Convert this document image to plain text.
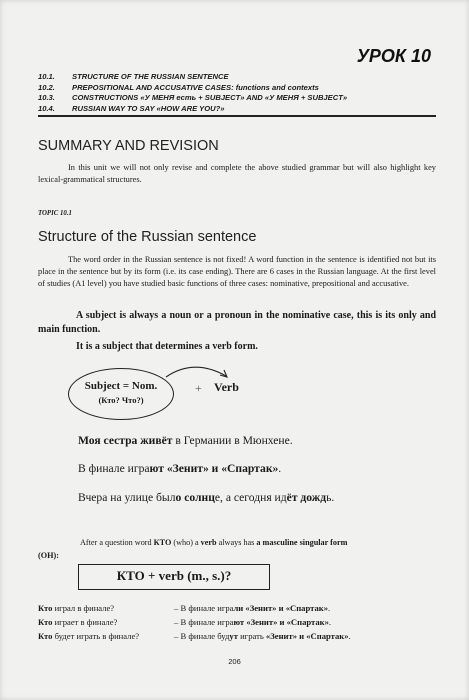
УРОК 10
10.1.	STRUCTURE OF THE RUSSIAN SENTENCE
10.2.	PREPOSITIONAL AND ACCUSATIVE CASES: functions and contexts
10.3.	CONSTRUCTIONS «У МЕНЯ есть + SUBJECT» AND «У МЕНЯ + SUBJECT»
10.4.	RUSSIAN WAY TO SAY «HOW ARE YOU?»
SUMMARY AND REVISION
In this unit we will not only revise and complete the above studied grammar but will also highlight key lexical-grammatical structures.
TOPIC 10.1
Structure of the Russian sentence
The word order in the Russian sentence is not fixed! A word function in the sentence is identified not but its place in the sentence but by its form (i.e. its case ending). There are 6 cases in the Russian language. At the first level of studies (A1 level) you have studied basic functions of three cases: nominative, prepositional and accusative.
A subject is always a noun or a pronoun in the nominative case, this is its only and main function.
It is a subject that determines a verb form.
Subject = Nom.
(Кто? Что?)
+ Verb
Моя сестра живёт в Германии в Мюнхене.
В финале играют «Зенит» и «Спартак».
Вчера на улице было солнце, а сегодня идёт дождь.
After a question word КТО (who) a verb always has a masculine singular form
(ОН):
КТО + verb (m., s.)?
Кто играл в финале?	– В финале играли «Зенит» и «Спартак».
Кто играет в финале?	– В финале играют «Зенит» и «Спартак».
Кто будет играть в финале?	– В финале будут играть «Зенит» и «Спартак».
206
